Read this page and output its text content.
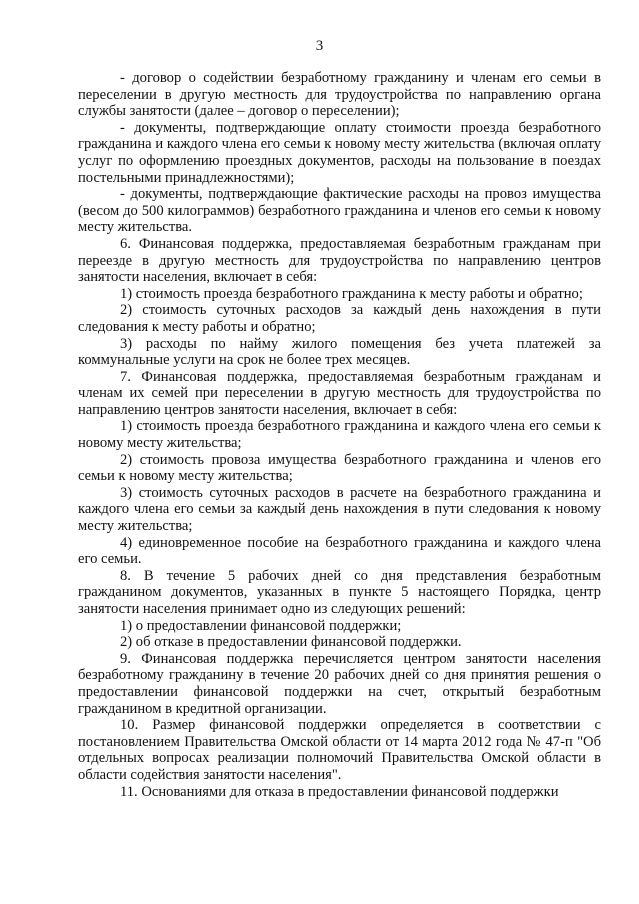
3

- договор о содействии безработному гражданину и членам его семьи в переселении в другую местность для трудоустройства по направлению органа службы занятости (далее – договор о переселении);

- документы, подтверждающие оплату стоимости проезда безработного гражданина и каждого члена его семьи к новому месту жительства (включая оплату услуг по оформлению проездных документов, расходы на пользование в поездах постельными принадлежностями);

- документы, подтверждающие фактические расходы на провоз имущества (весом до 500 килограммов) безработного гражданина и членов его семьи к новому месту жительства.

6. Финансовая поддержка, предоставляемая безработным гражданам при переезде в другую местность для трудоустройства по направлению центров занятости населения, включает в себя:

1) стоимость проезда безработного гражданина к месту работы и обратно;

2) стоимость суточных расходов за каждый день нахождения в пути следования к месту работы и обратно;

3) расходы по найму жилого помещения без учета платежей за коммунальные услуги на срок не более трех месяцев.

7. Финансовая поддержка, предоставляемая безработным гражданам и членам их семей при переселении в другую местность для трудоустройства по направлению центров занятости населения, включает в себя:

1) стоимость проезда безработного гражданина и каждого члена его семьи к новому месту жительства;

2) стоимость провоза имущества безработного гражданина и членов его семьи к новому месту жительства;

3) стоимость суточных расходов в расчете на безработного гражданина и каждого члена его семьи за каждый день нахождения в пути следования к новому месту жительства;

4) единовременное пособие на безработного гражданина и каждого члена его семьи.

8. В течение 5 рабочих дней со дня представления безработным гражданином документов, указанных в пункте 5 настоящего Порядка, центр занятости населения принимает одно из следующих решений:

1) о предоставлении финансовой поддержки;

2) об отказе в предоставлении финансовой поддержки.

9. Финансовая поддержка перечисляется центром занятости населения безработному гражданину в течение 20 рабочих дней со дня принятия решения о предоставлении финансовой поддержки на счет, открытый безработным гражданином в кредитной организации.

10. Размер финансовой поддержки определяется в соответствии с постановлением Правительства Омской области от 14 марта 2012 года № 47-п "Об отдельных вопросах реализации полномочий Правительства Омской области в области содействия занятости населения".

11. Основаниями для отказа в предоставлении финансовой поддержки
